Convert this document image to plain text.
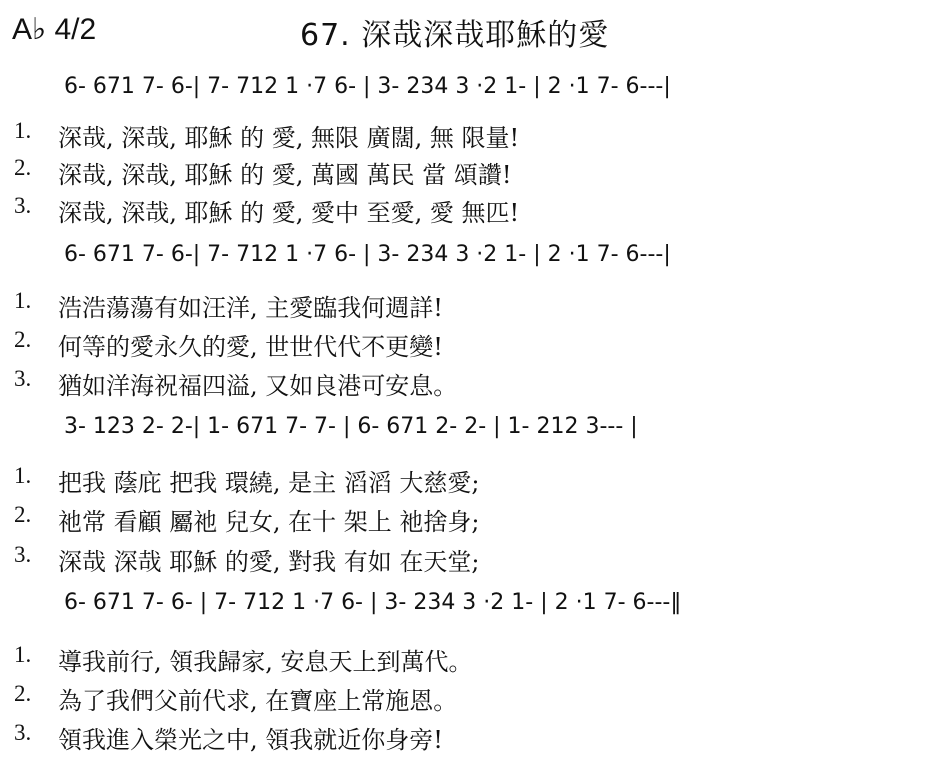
A♭ 4/2	67. 深哉深哉耶穌的愛
6- 671 7- 6-| 7- 712 1 ·7 6- | 3- 234 3 ·2 1- | 2 ·1 7- 6---|
1. 深哉, 深哉, 耶穌 的 愛, 無限 廣闊, 無 限量!
2. 深哉, 深哉, 耶穌 的 愛, 萬國 萬民 當 頌讚!
3. 深哉, 深哉, 耶穌 的 愛, 愛中 至愛, 愛 無匹!
6- 671 7- 6-| 7- 712 1 ·7 6- | 3- 234 3 ·2 1- | 2 ·1 7- 6---|
1. 浩浩蕩蕩有如汪洋, 主愛臨我何週詳!
2. 何等的愛永久的愛, 世世代代不更變!
3. 猶如洋海祝福四溢, 又如良港可安息。
3- 123 2- 2-| 1- 671 7- 7- | 6- 671 2- 2- | 1- 212 3--- |
1. 把我 蔭庇 把我 環繞, 是主 滔滔 大慈愛;
2. 祂常 看顧 屬祂 兒女, 在十 架上 祂捨身;
3. 深哉 深哉 耶穌 的愛, 對我 有如 在天堂;
6- 671 7- 6- | 7- 712 1 ·7 6- | 3- 234 3 ·2 1- | 2 ·1 7- 6---‖
1. 導我前行, 領我歸家, 安息天上到萬代。
2. 為了我們父前代求, 在寶座上常施恩。
3. 領我進入榮光之中, 領我就近你身旁!
